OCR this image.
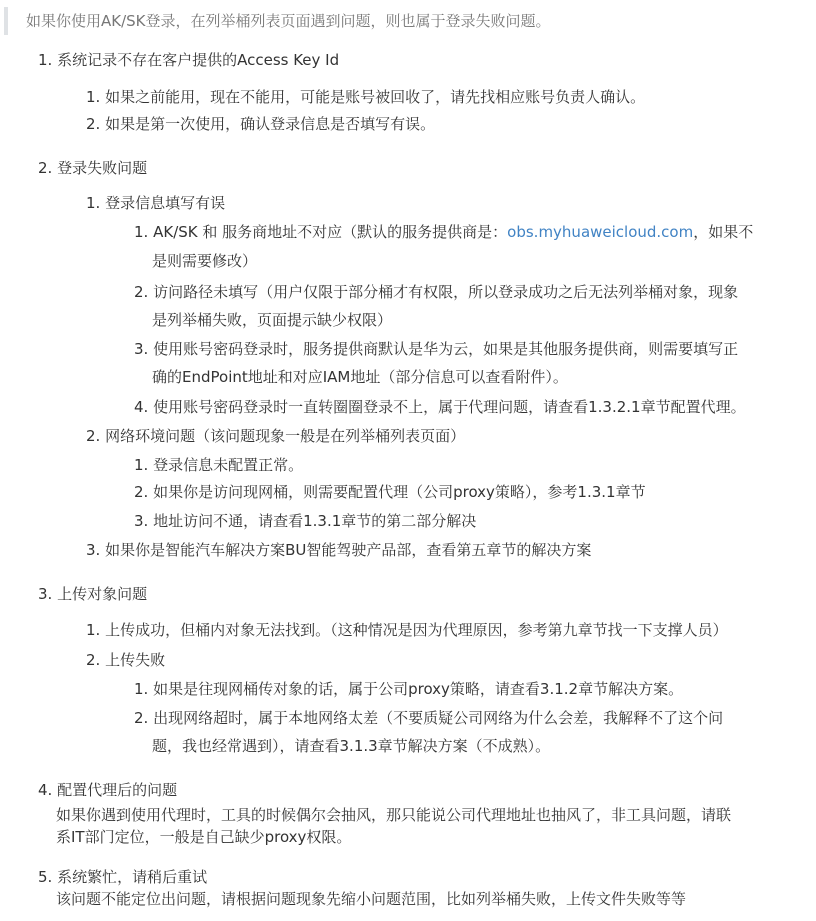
如果你使用AK/SK登录，在列举桶列表页面遇到问题，则也属于登录失败问题。
1. 系统记录不存在客户提供的Access Key Id
1. 如果之前能用，现在不能用，可能是账号被回收了，请先找相应账号负责人确认。
2. 如果是第一次使用，确认登录信息是否填写有误。
2. 登录失败问题
1. 登录信息填写有误
1. AK/SK 和 服务商地址不对应（默认的服务提供商是：obs.myhuaweicloud.com，如果不
是则需要修改）
2. 访问路径未填写（用户仅限于部分桶才有权限，所以登录成功之后无法列举桶对象，现象
是列举桶失败，页面提示缺少权限）
3. 使用账号密码登录时，服务提供商默认是华为云，如果是其他服务提供商，则需要填写正
确的EndPoint地址和对应IAM地址（部分信息可以查看附件）。
4. 使用账号密码登录时一直转圈圈登录不上，属于代理问题，请查看1.3.2.1章节配置代理。
2. 网络环境问题（该问题现象一般是在列举桶列表页面）
1. 登录信息未配置正常。
2. 如果你是访问现网桶，则需要配置代理（公司proxy策略），参考1.3.1章节
3. 地址访问不通，请查看1.3.1章节的第二部分解决
3. 如果你是智能汽车解决方案BU智能驾驶产品部，查看第五章节的解决方案
3. 上传对象问题
1. 上传成功，但桶内对象无法找到。（这种情况是因为代理原因，参考第九章节找一下支撑人员）
2. 上传失败
1. 如果是往现网桶传对象的话，属于公司proxy策略，请查看3.1.2章节解决方案。
2. 出现网络超时，属于本地网络太差（不要质疑公司网络为什么会差，我解释不了这个问
题，我也经常遇到），请查看3.1.3章节解决方案（不成熟）。
4. 配置代理后的问题
如果你遇到使用代理时，工具的时候偶尔会抽风，那只能说公司代理地址也抽风了，非工具问题，请联
系IT部门定位，一般是自己缺少proxy权限。
5. 系统繁忙，请稍后重试
该问题不能定位出问题，请根据问题现象先缩小问题范围，比如列举桶失败，上传文件失败等等
